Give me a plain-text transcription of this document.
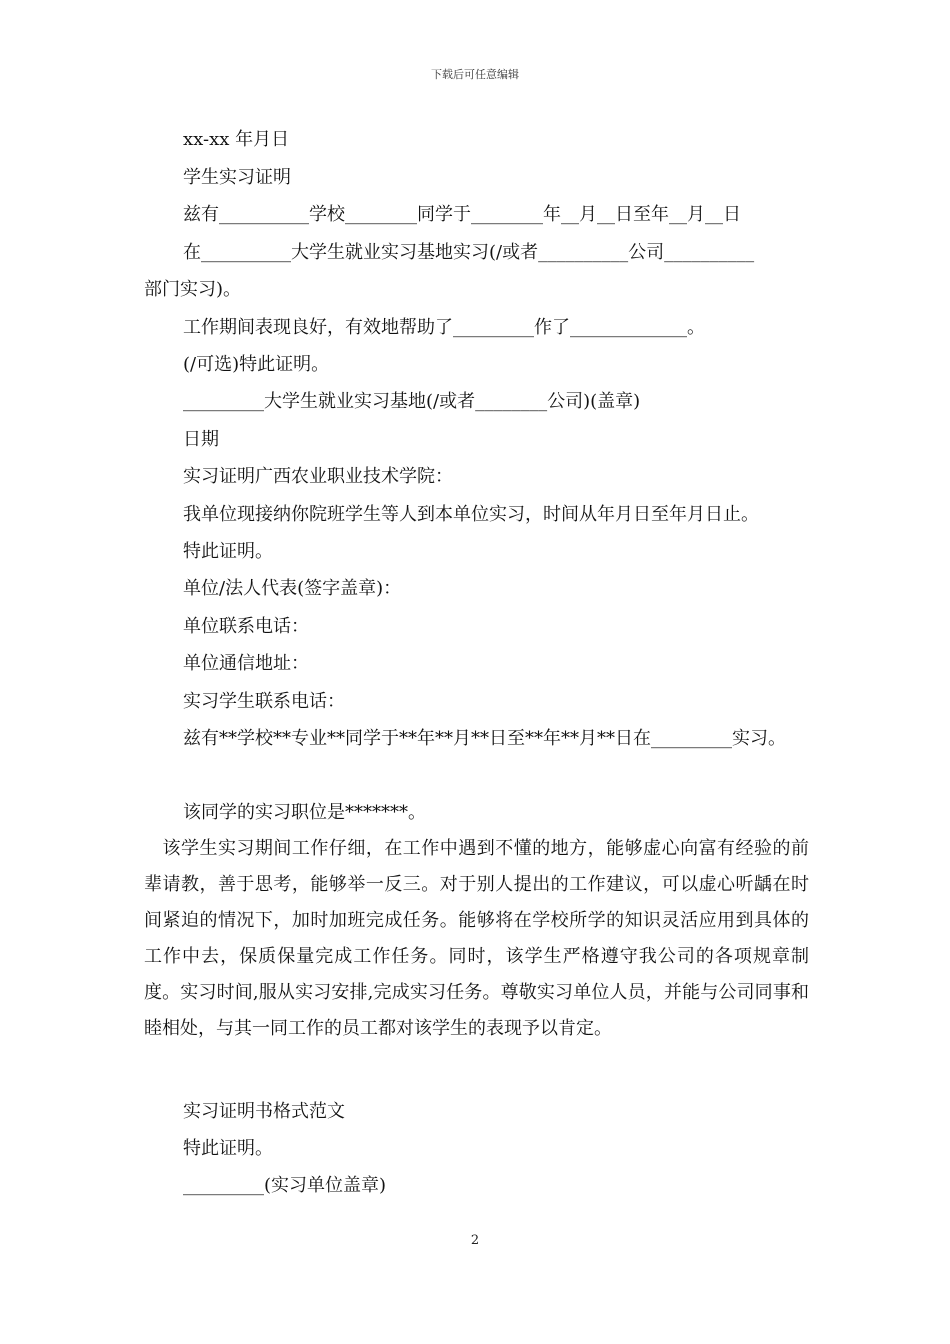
下载后可任意编辑
xx-xx 年月日
学生实习证明
兹有__________学校________同学于________年__月__日至年__月__日
在__________大学生就业实习基地实习(/或者__________公司__________
部门实习)。
工作期间表现良好，有效地帮助了_________作了_____________。
(/可选)特此证明。
_________大学生就业实习基地(/或者________公司)(盖章)
日期
实习证明广西农业职业技术学院：
我单位现接纳你院班学生等人到本单位实习，时间从年月日至年月日止。
特此证明。
单位/法人代表(签字盖章)：
单位联系电话：
单位通信地址：
实习学生联系电话：
兹有**学校**专业**同学于**年**月**日至**年**月**日在_________实习。
该同学的实习职位是*******。
　该学生实习期间工作仔细，在工作中遇到不懂的地方，能够虚心向富有经验的前辈请教，善于思考，能够举一反三。对于别人提出的工作建议，可以虚心听龋在时间紧迫的情况下，加时加班完成任务。能够将在学校所学的知识灵活应用到具体的工作中去，保质保量完成工作任务。同时，该学生严格遵守我公司的各项规章制度。实习时间,服从实习安排,完成实习任务。尊敬实习单位人员，并能与公司同事和睦相处，与其一同工作的员工都对该学生的表现予以肯定。
实习证明书格式范文
特此证明。
_________(实习单位盖章)
2
